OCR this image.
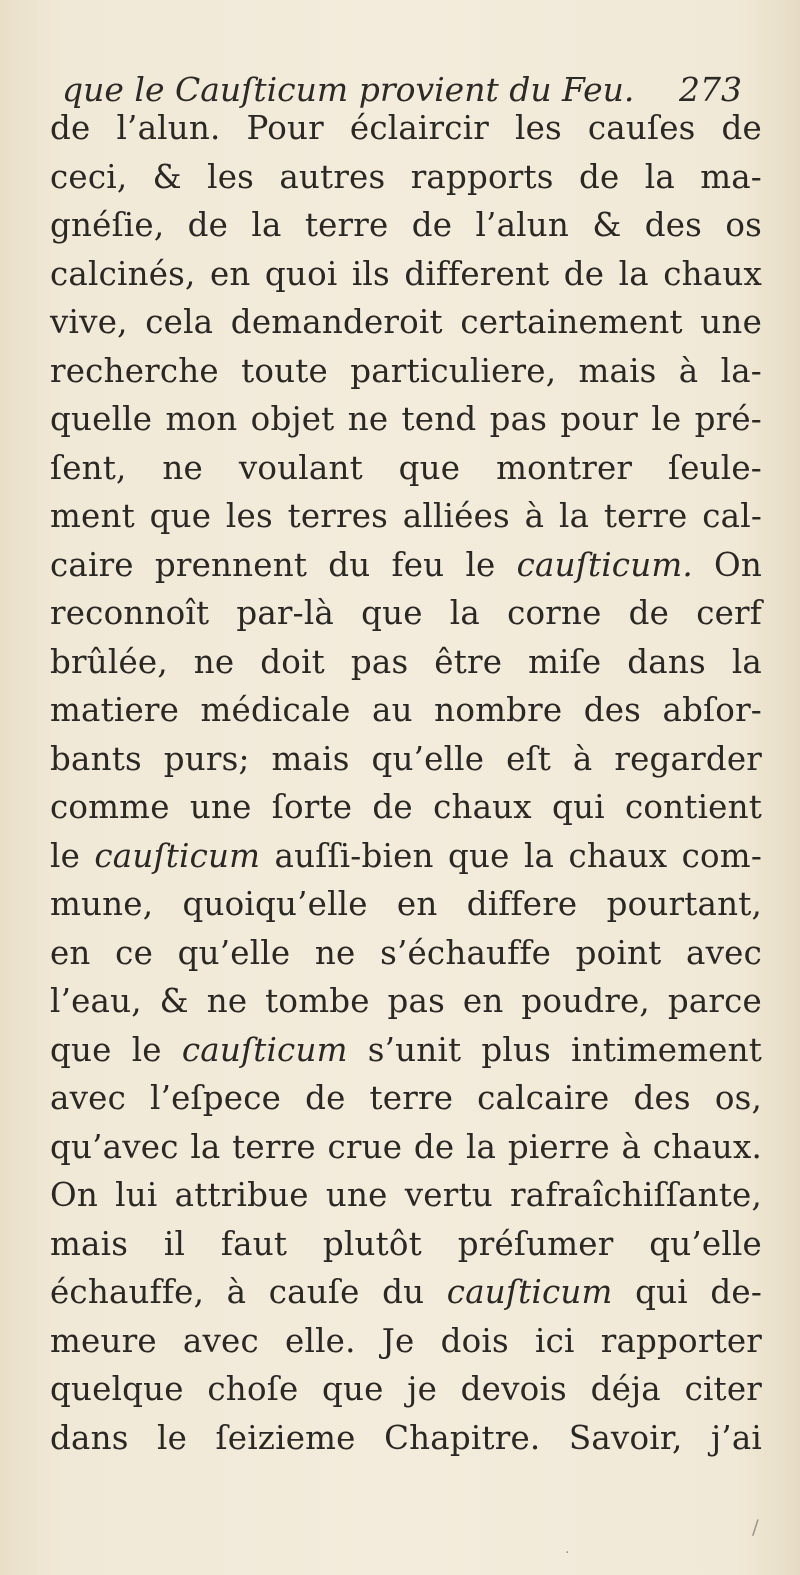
que le Cauſticum provient du Feu. 273
de l’alun. Pour éclaircir les cauſes de
ceci, & les autres rapports de la ma-
gnéſie, de la terre de l’alun & des os
calcinés, en quoi ils different de la chaux
vive, cela demanderoit certainement une
recherche toute particuliere, mais à la-
quelle mon objet ne tend pas pour le pré-
ſent, ne voulant que montrer ſeule-
ment que les terres alliées à la terre cal-
caire prennent du feu le cauſticum. On
reconnoît par-là que la corne de cerf
brûlée, ne doit pas être miſe dans la
matiere médicale au nombre des abſor-
bants purs; mais qu’elle eſt à regarder
comme une ſorte de chaux qui contient
le cauſticum auſſi-bien que la chaux com-
mune, quoiqu’elle en differe pourtant,
en ce qu’elle ne s’échauffe point avec
l’eau, & ne tombe pas en poudre, parce
que le cauſticum s’unit plus intimement
avec l’eſpece de terre calcaire des os,
qu’avec la terre crue de la pierre à chaux.
On lui attribue une vertu rafraîchiſſante,
mais il faut plutôt préſumer qu’elle
échauffe, à cauſe du cauſticum qui de-
meure avec elle. Je dois ici rapporter
quelque choſe que je devois déja citer
dans le ſeizieme Chapitre. Savoir, j’ai
/
·
